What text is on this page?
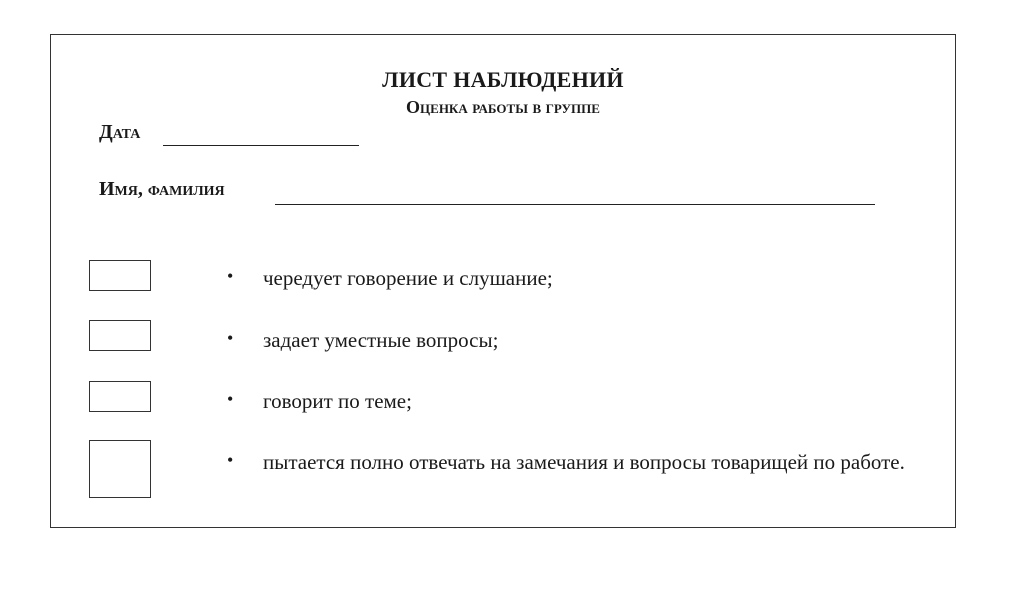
ЛИСТ НАБЛЮДЕНИЙ
Оценка работы в группе
Дата
Имя, фамилия
• чередует говорение и слушание;
• задает уместные вопросы;
• говорит по теме;
• пытается полно отвечать на замечания и вопросы товарищей по работе.
